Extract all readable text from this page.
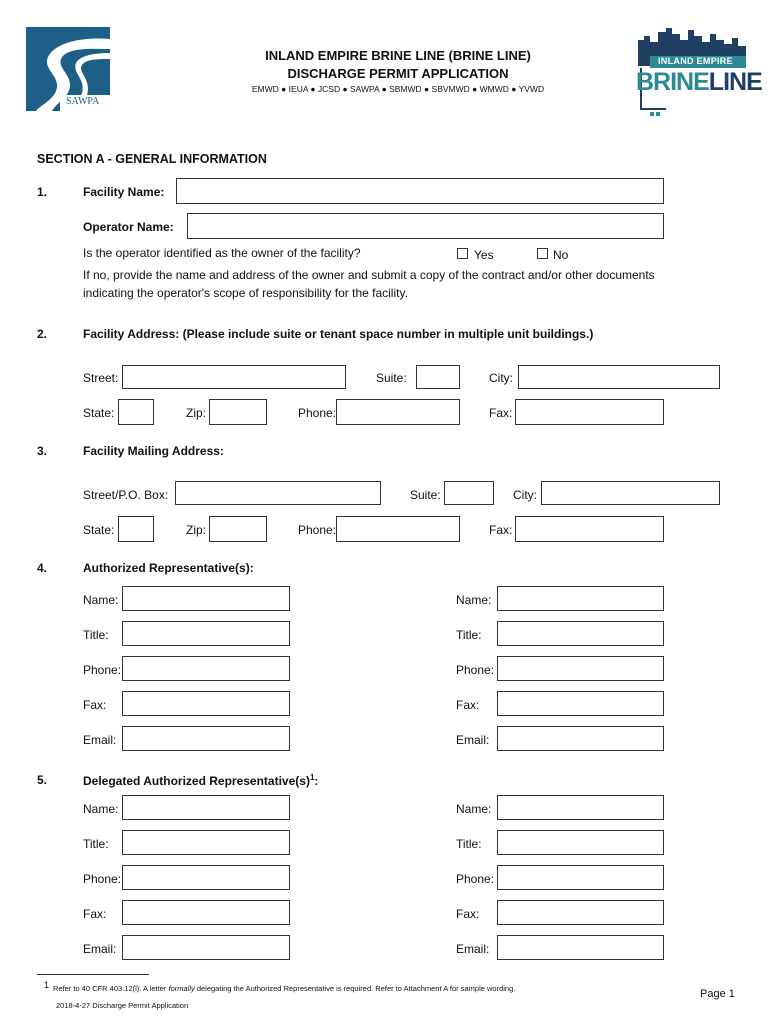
SAWPA
INLAND EMPIRE BRINE LINE (BRINE LINE)
DISCHARGE PERMIT APPLICATION
EMWD ● IEUA ● JCSD ● SAWPA ● SBMWD ● SBVMWD ● WMWD ● YVWD
INLAND EMPIRE
BRINELINE
SECTION A - GENERAL INFORMATION
1.	Facility Name:
Operator Name:
Is the operator identified as the owner of the facility?	Yes	No
If no, provide the name and address of the owner and submit a copy of the contract and/or other documents
indicating the operator's scope of responsibility for the facility.
2.	Facility Address: (Please include suite or tenant space number in multiple unit buildings.)
Street:	Suite:	City:
State:	Zip:	Phone:	Fax:
3.	Facility Mailing Address:
Street/P.O. Box:	Suite:	City:
State:	Zip:	Phone:	Fax:
4.	Authorized Representative(s):
Name:	Name:
Title:	Title:
Phone:	Phone:
Fax:	Fax:
Email:	Email:
5.	Delegated Authorized $Representative(s)^1$:
Name:	Name:
Title:	Title:
Phone:	Phone:
Fax:	Fax:
Email:	Email:
1 Refer to 40 CFR 403.12(l). A letter formally delegating the Authorized Representative is required. Refer to Attachment A for sample wording.
2018-4-27 Discharge Permit Application
Page 1
